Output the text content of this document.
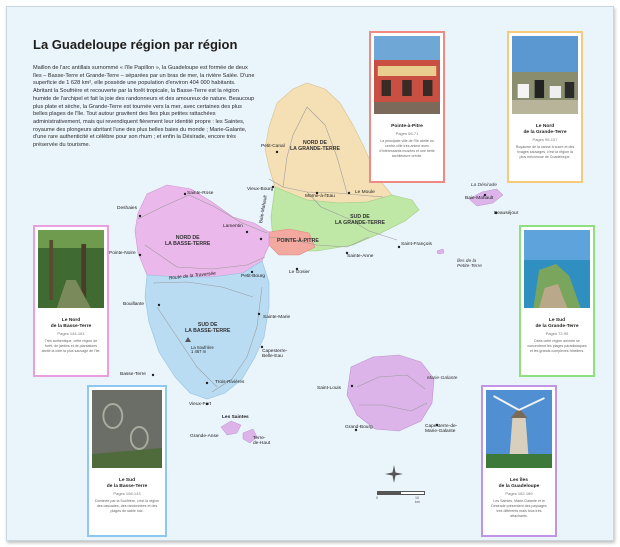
La Guadeloupe région par région

Maillon de l'arc antillais surnommé « l'île Papillon », la Guadeloupe est formée de deux îles – Basse-Terre et Grande-Terre – séparées par un bras de mer, la rivière Salée. D'une superficie de 1 628 km², elle possède une population d'environ 404 000 habitants. Abritant la Soufrière et recouverte par la forêt tropicale, la Basse-Terre est la région humide de l'archipel et fait la joie des randonneurs et des amoureux de nature. Beaucoup plus plate et sèche, la Grande-Terre est tournée vers la mer, avec certaines des plus belles plages de l'île. Tout autour gravitent des îles plus petites rattachées administrativement, mais qui revendiquent fièrement leur identité propre : les Saintes, royaume des plongeurs abritant l'une des plus belles baies du monde ; Marie-Galante, d'une rare authenticité et célèbre pour son rhum ; et enfin la Désirade, encore très préservée du tourisme.	NORD DE
LA GRANDE-TERRE
SUD DE
LA GRANDE-TERRE
POINTE-À-PITRE
NORD DE
LA BASSE-TERRE
SUD DE
LA BASSE-TERRE
Petit-Canal
Vieux-Bourg
Morne-à-l'Eau
Le Moule
Sainte-Rose
Deshaies
Lamentin
Baie-Mahault
Pointe-Noire
Le Gosier
Sainte-Anne
Saint-François
Petit-Bourg
Route de la Traversée
Bouillante
Sainte-Marie
Capesterre-
Belle-Eau
La Soufrière
1 467 m
Basse-Terre
Trois-Rivières
Vieux-Fort
Les Saintes
Grande-Anse	Terre-
de-Haut
Saint-Louis
Grand-Bourg	Capesterre-de-
Marie-Galante
Marie-Galante
La Désirade
Baie-Mahault
Beauséjour
Îles de la
Petite-Terre
Pointe-à-Pitre
Pages 56-71
La principale ville de l'île abrite un centre-ville très animé avec d'intéressants musées et une belle architecture créole.
Le Nord
de la Grande-Terre
Pages 95-107
Royaume de la canne à sucre et des rivages sauvages, c'est la région la plus méconnue de Guadeloupe.
Le Nord
de la Basse-Terre
Pages 144-161
Très authentique, cette région de forêt, de jardins et de plantations abrite la côte la plus sauvage de l'île.
Le Sud
de la Grande-Terre
Pages 72-95
Dans cette région animée se concentrent les plages paradisiaques et les grands complexes hôteliers.
Le Sud
de la Basse-Terre
Pages 108-143
Dominée par la Soufrière, c'est la région des cascades, des randonnées et des plages de sable noir.
Les îles
de la Guadeloupe
Pages 162-189
Les Saintes, Marie-Galante et la Désirade présentent des paysages très différents mais tous très attachants.
0	10 km
